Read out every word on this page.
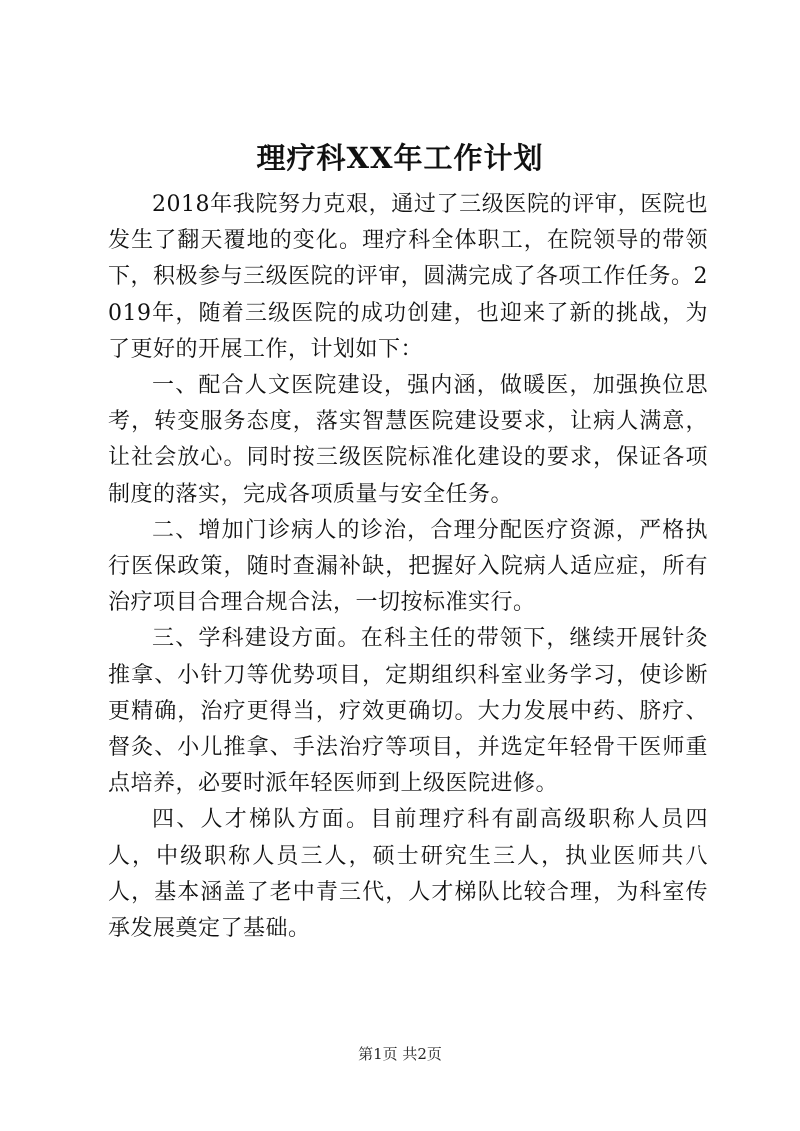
理疗科XX年工作计划

2018年我院努力克艰，通过了三级医院的评审，医院也发生了翻天覆地的变化。理疗科全体职工，在院领导的带领下，积极参与三级医院的评审，圆满完成了各项工作任务。2019年，随着三级医院的成功创建，也迎来了新的挑战，为了更好的开展工作，计划如下：

一、配合人文医院建设，强内涵，做暖医，加强换位思考，转变服务态度，落实智慧医院建设要求，让病人满意，让社会放心。同时按三级医院标准化建设的要求，保证各项制度的落实，完成各项质量与安全任务。

二、增加门诊病人的诊治，合理分配医疗资源，严格执行医保政策，随时查漏补缺，把握好入院病人适应症，所有治疗项目合理合规合法，一切按标准实行。

三、学科建设方面。在科主任的带领下，继续开展针灸推拿、小针刀等优势项目，定期组织科室业务学习，使诊断更精确，治疗更得当，疗效更确切。大力发展中药、脐疗、督灸、小儿推拿、手法治疗等项目，并选定年轻骨干医师重点培养，必要时派年轻医师到上级医院进修。

四、人才梯队方面。目前理疗科有副高级职称人员四人，中级职称人员三人，硕士研究生三人，执业医师共八人，基本涵盖了老中青三代，人才梯队比较合理，为科室传承发展奠定了基础。

第1页 共2页
